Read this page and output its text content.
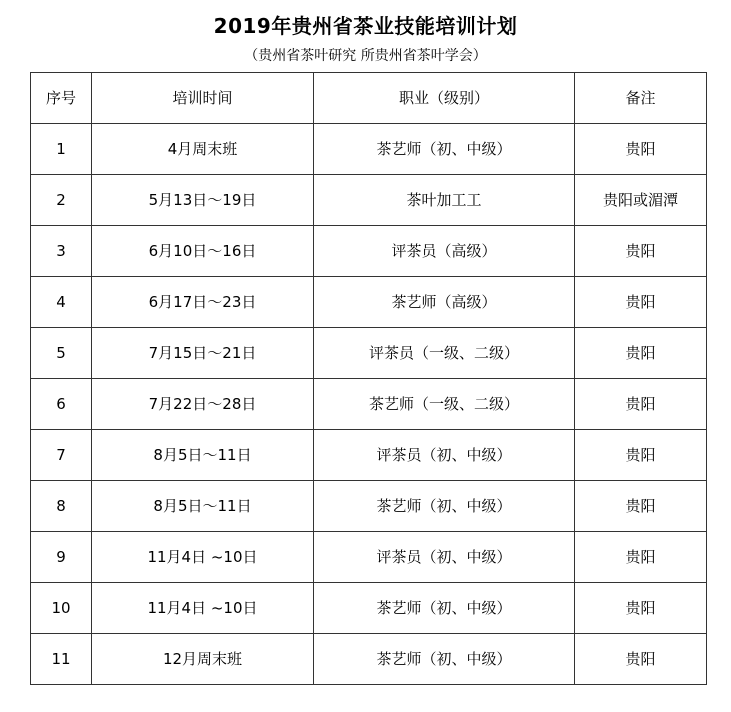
2019年贵州省茶业技能培训计划
（贵州省茶叶研究 所贵州省茶叶学会）
序号	培训时间	职业（级别）	备注
1	4月周末班	茶艺师（初、中级）	贵阳
2	5月13日～19日	茶叶加工工	贵阳或湄潭
3	6月10日～16日	评茶员（高级）	贵阳
4	6月17日～23日	茶艺师（高级）	贵阳
5	7月15日～21日	评茶员（一级、二级）	贵阳
6	7月22日～28日	茶艺师（一级、二级）	贵阳
7	8月5日～11日	评茶员（初、中级）	贵阳
8	8月5日～11日	茶艺师（初、中级）	贵阳
9	11月4日 ~10日	评茶员（初、中级）	贵阳
10	11月4日 ~10日	茶艺师（初、中级）	贵阳
11	12月周末班	茶艺师（初、中级）	贵阳
